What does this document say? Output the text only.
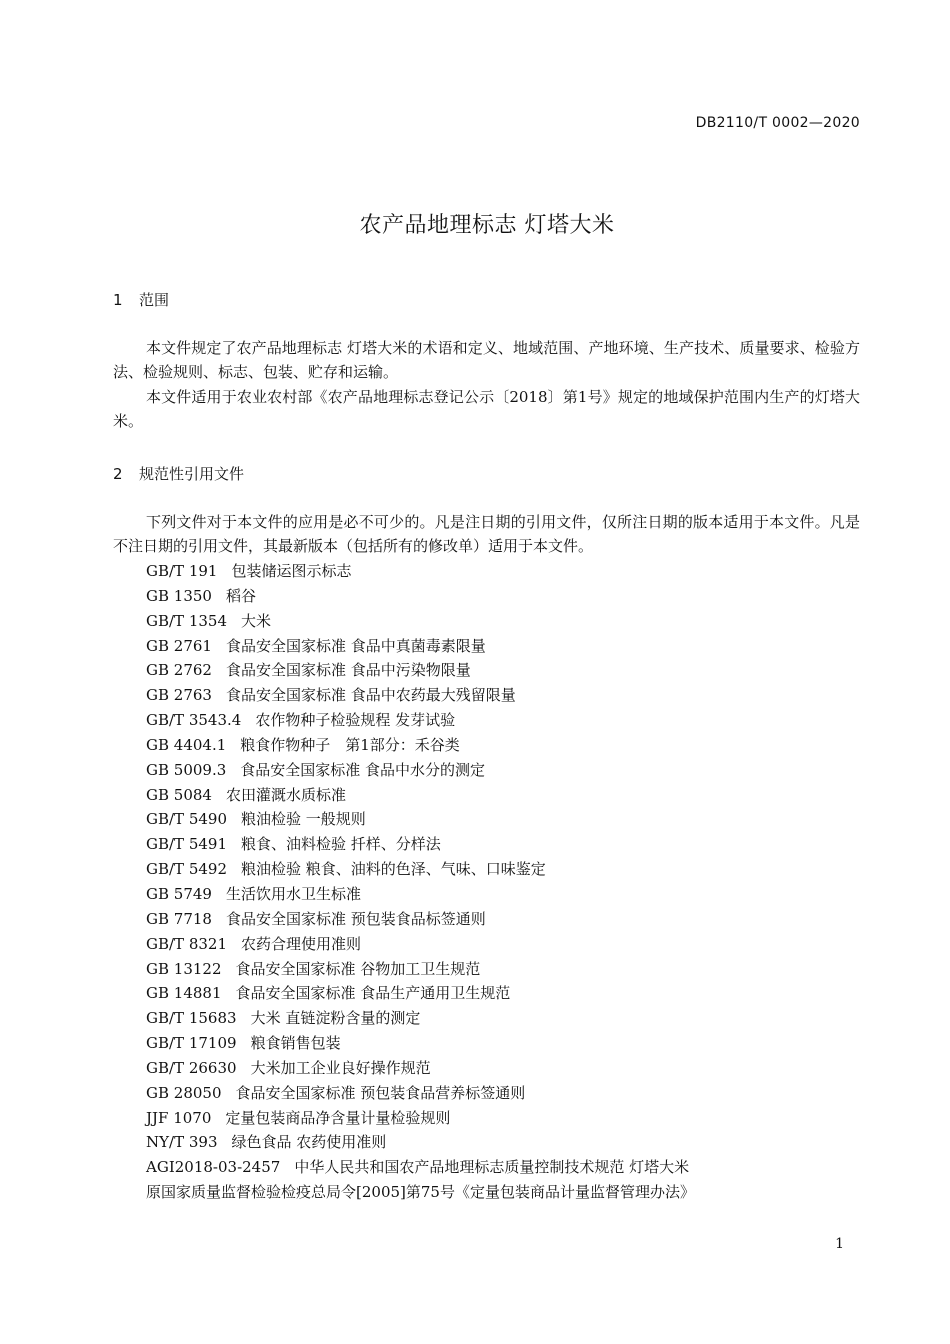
DB2110/T 0002—2020
农产品地理标志 灯塔大米
1 范围

本文件规定了农产品地理标志 灯塔大米的术语和定义、地域范围、产地环境、生产技术、质量要求、检验方法、检验规则、标志、包装、贮存和运输。

本文件适用于农业农村部《农产品地理标志登记公示〔2018〕第1号》规定的地域保护范围内生产的灯塔大米。

2 规范性引用文件

下列文件对于本文件的应用是必不可少的。凡是注日期的引用文件，仅所注日期的版本适用于本文件。凡是不注日期的引用文件，其最新版本（包括所有的修改单）适用于本文件。

GB/T 191 包装储运图示标志
GB 1350 稻谷
GB/T 1354 大米
GB 2761 食品安全国家标准 食品中真菌毒素限量
GB 2762 食品安全国家标准 食品中污染物限量
GB 2763 食品安全国家标准 食品中农药最大残留限量
GB/T 3543.4 农作物种子检验规程 发芽试验
GB 4404.1 粮食作物种子　第1部分：禾谷类
GB 5009.3 食品安全国家标准 食品中水分的测定
GB 5084 农田灌溉水质标准
GB/T 5490 粮油检验 一般规则
GB/T 5491 粮食、油料检验 扦样、分样法
GB/T 5492 粮油检验 粮食、油料的色泽、气味、口味鉴定
GB 5749 生活饮用水卫生标准
GB 7718 食品安全国家标准 预包装食品标签通则
GB/T 8321 农药合理使用准则
GB 13122 食品安全国家标准 谷物加工卫生规范
GB 14881 食品安全国家标准 食品生产通用卫生规范
GB/T 15683 大米 直链淀粉含量的测定
GB/T 17109 粮食销售包装
GB/T 26630 大米加工企业良好操作规范
GB 28050 食品安全国家标准 预包装食品营养标签通则
JJF 1070 定量包装商品净含量计量检验规则
NY/T 393 绿色食品 农药使用准则
AGI2018-03-2457 中华人民共和国农产品地理标志质量控制技术规范 灯塔大米
原国家质量监督检验检疫总局令[2005]第75号《定量包装商品计量监督管理办法》
1
